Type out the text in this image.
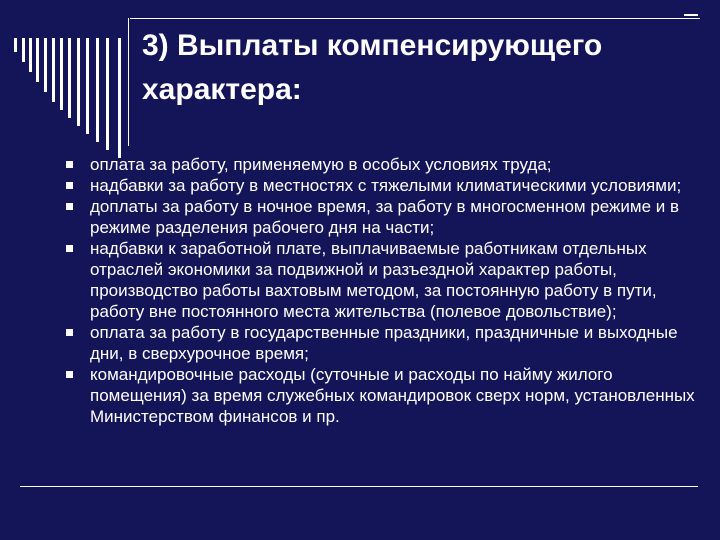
3) Выплаты компенсирующего
характера:
оплата за работу, применяемую в особых условиях труда;
надбавки за работу в местностях с тяжелыми климатическими условиями;
доплаты за работу в ночное время, за работу в многосменном режиме и в режиме разделения рабочего дня на части;
надбавки к заработной плате, выплачиваемые работникам отдельных отраслей экономики за подвижной и разъездной характер работы, производство работы вахтовым методом, за постоянную работу в пути, работу вне постоянного места жительства (полевое довольствие);
оплата за работу в государственные праздники, праздничные и выходные дни, в сверхурочное время;
командировочные расходы (суточные и расходы по найму жилого помещения) за время служебных командировок сверх норм, установленных Министерством финансов и пр.
